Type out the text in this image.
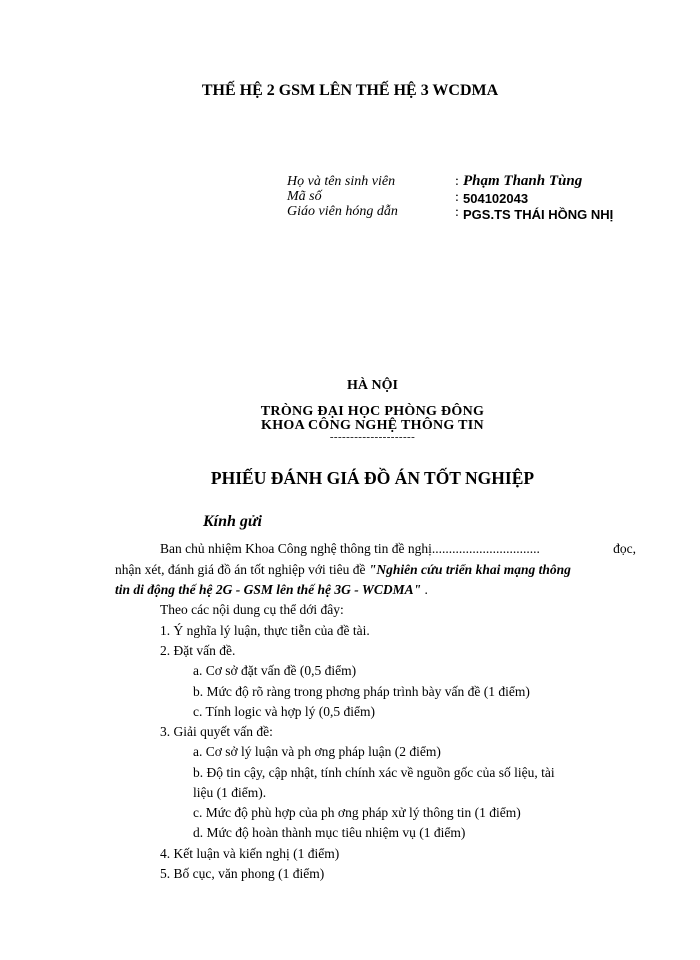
THẾ HỆ 2 GSM LÊN THẾ HỆ 3 WCDMA
Họ và tên sinh viên	: Phạm Thanh Tùng
Mã số	: 504102043
Giáo viên hóng dẫn	: PGS.TS THÁI HỒNG NHỊ
HÀ NỘI
TRÒNG ĐẠI HỌC PHÒNG ĐÔNG
KHOA CÔNG NGHỆ THÔNG TIN
---------------------
PHIẾU ĐÁNH GIÁ ĐỒ ÁN TỐT NGHIỆP
Kính gửi
Ban chủ nhiệm Khoa Công nghệ thông tin đề nghị................................	đọc,
nhận xét, đánh giá đồ án tốt nghiệp với tiêu đề "Nghiên cứu triển khai mạng thông
tin di động thế hệ 2G - GSM lên thế hệ 3G - WCDMA" .
Theo các nội dung cụ thể dới đây:
1. Ý nghĩa lý luận, thực tiễn của đề tài.
2. Đặt vấn đề.
a. Cơ sở đặt vấn đề (0,5 điểm)
b. Mức độ rõ ràng trong phơng pháp trình bày vấn đề (1 điểm)
c. Tính logic và hợp lý (0,5 điểm)
3. Giải quyết vấn đề:
a. Cơ sở lý luận và ph ơng pháp luận (2 điểm)
b. Độ tin cậy, cập nhật, tính chính xác về nguồn gốc của số liệu, tài
liệu (1 điểm).
c. Mức độ phù hợp của ph ơng pháp xử lý thông tin (1 điểm)
d. Mức độ hoàn thành mục tiêu nhiệm vụ (1 điểm)
4. Kết luận và kiến nghị (1 điểm)
5. Bố cục, văn phong (1 điểm)
